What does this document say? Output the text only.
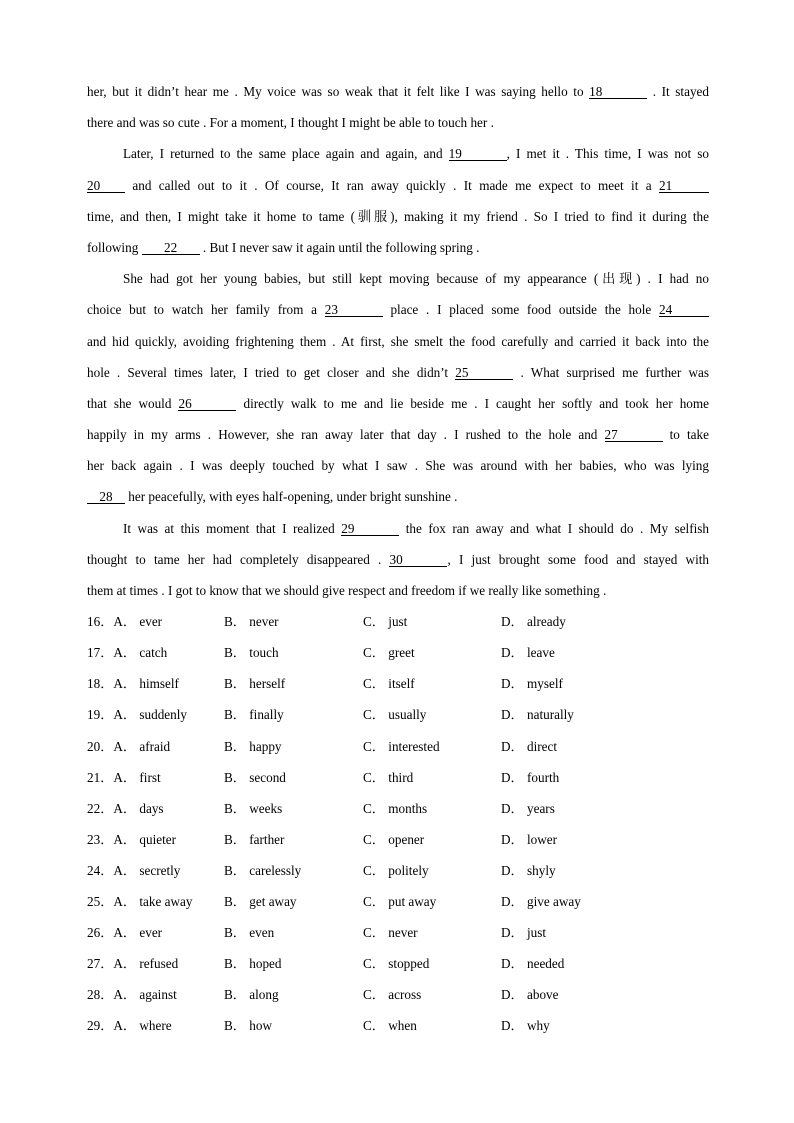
her, but it didn’t hear me . My voice was so weak that it felt like I was saying hello to 18	. It stayed
there and was so cute . For a moment, I thought I might be able to touch her .
Later, I returned to the same place again and again, and 19	, I met it . This time, I was not so
20 and called out to it . Of course, It ran away quickly . It made me expect to meet it a 21
time, and then, I might take it home to tame (驯服), making it my friend . So I tried to find it during the
following 22 . But I never saw it again until the following spring .
She had got her young babies, but still kept moving because of my appearance (出现) . I had no
choice but to watch her family from a 23	place . I placed some food outside the hole 24
and hid quickly, avoiding frightening them . At first, she smelt the food carefully and carried it back into the
hole . Several times later, I tried to get closer and she didn’t 25	. What surprised me further was
that she would 26	directly walk to me and lie beside me . I caught her softly and took her home
happily in my arms . However, she ran away later that day . I rushed to the hole and 27	to take
her back again . I was deeply touched by what I saw . She was around with her babies, who was lying
28 her peacefully, with eyes half-opening, under bright sunshine .
It was at this moment that I realized 29	the fox ran away and what I should do . My selfish
thought to tame her had completely disappeared . 30	, I just brought some food and stayed with
them at times . I got to know that we should give respect and freedom if we really like something .
16．A． ever	B． never	C． just	D． already
17．A． catch	B． touch	C． greet	D． leave
18．A． himself	B． herself	C． itself	D． myself
19．A． suddenly	B． finally	C． usually	D． naturally
20．A． afraid	B． happy	C． interested	D． direct
21．A． first	B． second	C． third	D． fourth
22．A． days	B． weeks	C． months	D． years
23．A． quieter	B． farther	C． opener	D． lower
24．A． secretly	B． carelessly	C． politely	D． shyly
25．A． take away B． get away	C． put away	D． give away
26．A． ever	B． even	C． never	D． just
27．A． refused	B． hoped	C． stopped	D． needed
28．A． against	B． along	C． across	D． above
29．A． where	B． how	C． when	D． why
